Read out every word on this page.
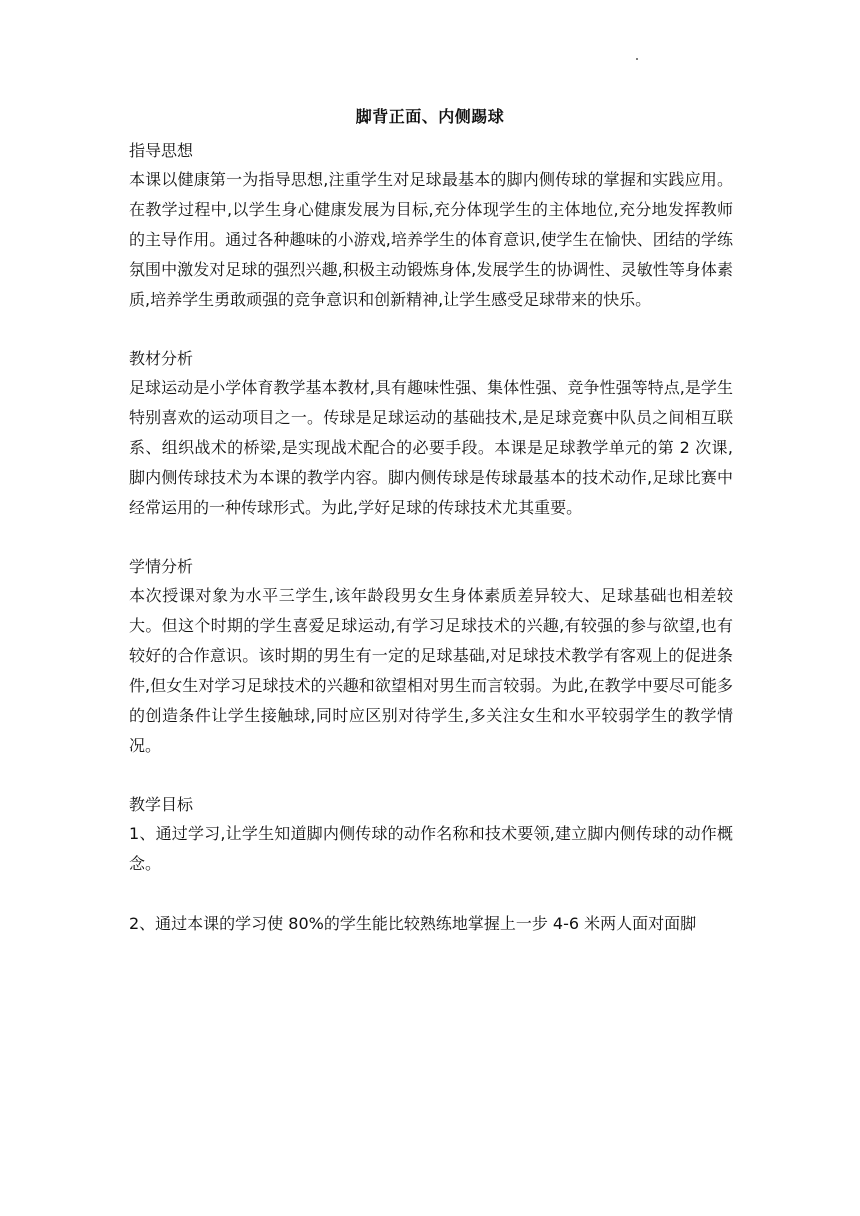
脚背正面、内侧踢球
指导思想
本课以健康第一为指导思想,注重学生对足球最基本的脚内侧传球的掌握和实践应用。在教学过程中,以学生身心健康发展为目标,充分体现学生的主体地位,充分地发挥教师的主导作用。通过各种趣味的小游戏,培养学生的体育意识,使学生在愉快、团结的学练氛围中激发对足球的强烈兴趣,积极主动锻炼身体,发展学生的协调性、灵敏性等身体素质,培养学生勇敢顽强的竞争意识和创新精神,让学生感受足球带来的快乐。
教材分析
足球运动是小学体育教学基本教材,具有趣味性强、集体性强、竞争性强等特点,是学生特别喜欢的运动项目之一。传球是足球运动的基础技术,是足球竞赛中队员之间相互联系、组织战术的桥梁,是实现战术配合的必要手段。本课是足球教学单元的第 2 次课,脚内侧传球技术为本课的教学内容。脚内侧传球是传球最基本的技术动作,足球比赛中经常运用的一种传球形式。为此,学好足球的传球技术尤其重要。
学情分析
本次授课对象为水平三学生,该年龄段男女生身体素质差异较大、足球基础也相差较大。但这个时期的学生喜爱足球运动,有学习足球技术的兴趣,有较强的参与欲望,也有较好的合作意识。该时期的男生有一定的足球基础,对足球技术教学有客观上的促进条件,但女生对学习足球技术的兴趣和欲望相对男生而言较弱。为此,在教学中要尽可能多的创造条件让学生接触球,同时应区别对待学生,多关注女生和水平较弱学生的教学情况。
教学目标
1、通过学习,让学生知道脚内侧传球的动作名称和技术要领,建立脚内侧传球的动作概念。
2、通过本课的学习使 80%的学生能比较熟练地掌握上一步 4-6 米两人面对面脚
